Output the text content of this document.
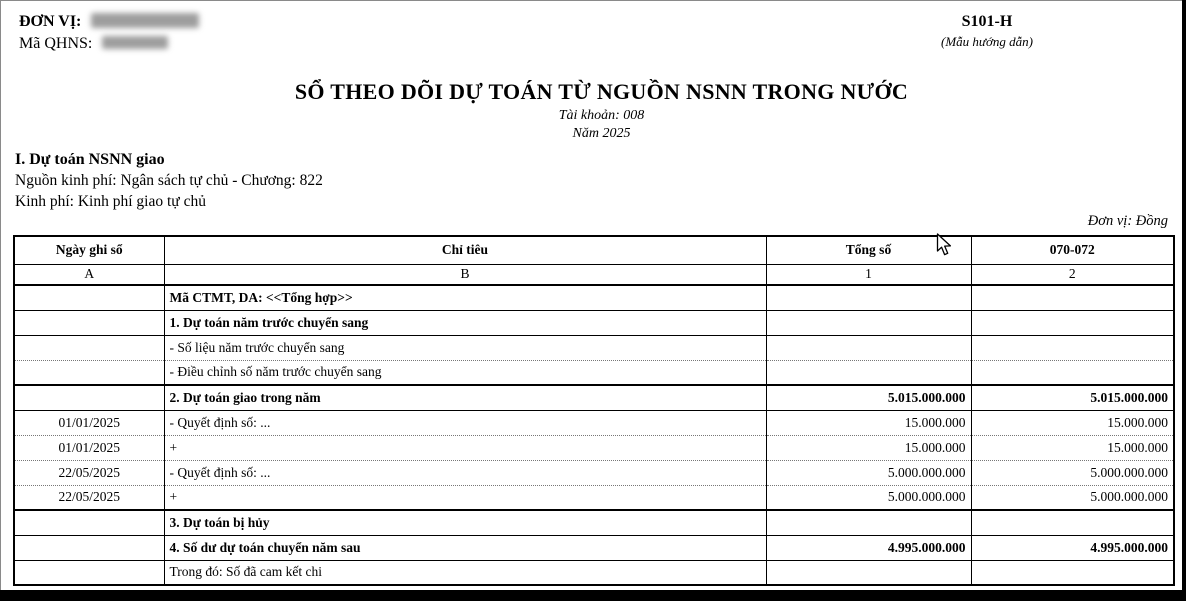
ĐƠN VỊ:
Mã QHNS:
S101-H
(Mẫu hướng dẫn)
SỔ THEO DÕI DỰ TOÁN TỪ NGUỒN NSNN TRONG NƯỚC
Tài khoản: 008
Năm 2025
I. Dự toán NSNN giao
Nguồn kinh phí: Ngân sách tự chủ - Chương: 822
Kinh phí: Kinh phí giao tự chủ
Đơn vị: Đồng
Ngày ghi sổ	Chỉ tiêu	Tổng số	070-072
A	B	1	2
	Mã CTMT, DA: <<Tổng hợp>>		
	1. Dự toán năm trước chuyển sang		
	- Số liệu năm trước chuyển sang		
	- Điều chỉnh số năm trước chuyển sang		
	2. Dự toán giao trong năm	5.015.000.000	5.015.000.000
01/01/2025	- Quyết định số: ...	15.000.000	15.000.000
01/01/2025	+	15.000.000	15.000.000
22/05/2025	- Quyết định số: ...	5.000.000.000	5.000.000.000
22/05/2025	+	5.000.000.000	5.000.000.000
	3. Dự toán bị hủy		
	4. Số dư dự toán chuyển năm sau	4.995.000.000	4.995.000.000
	Trong đó: Số đã cam kết chi		
